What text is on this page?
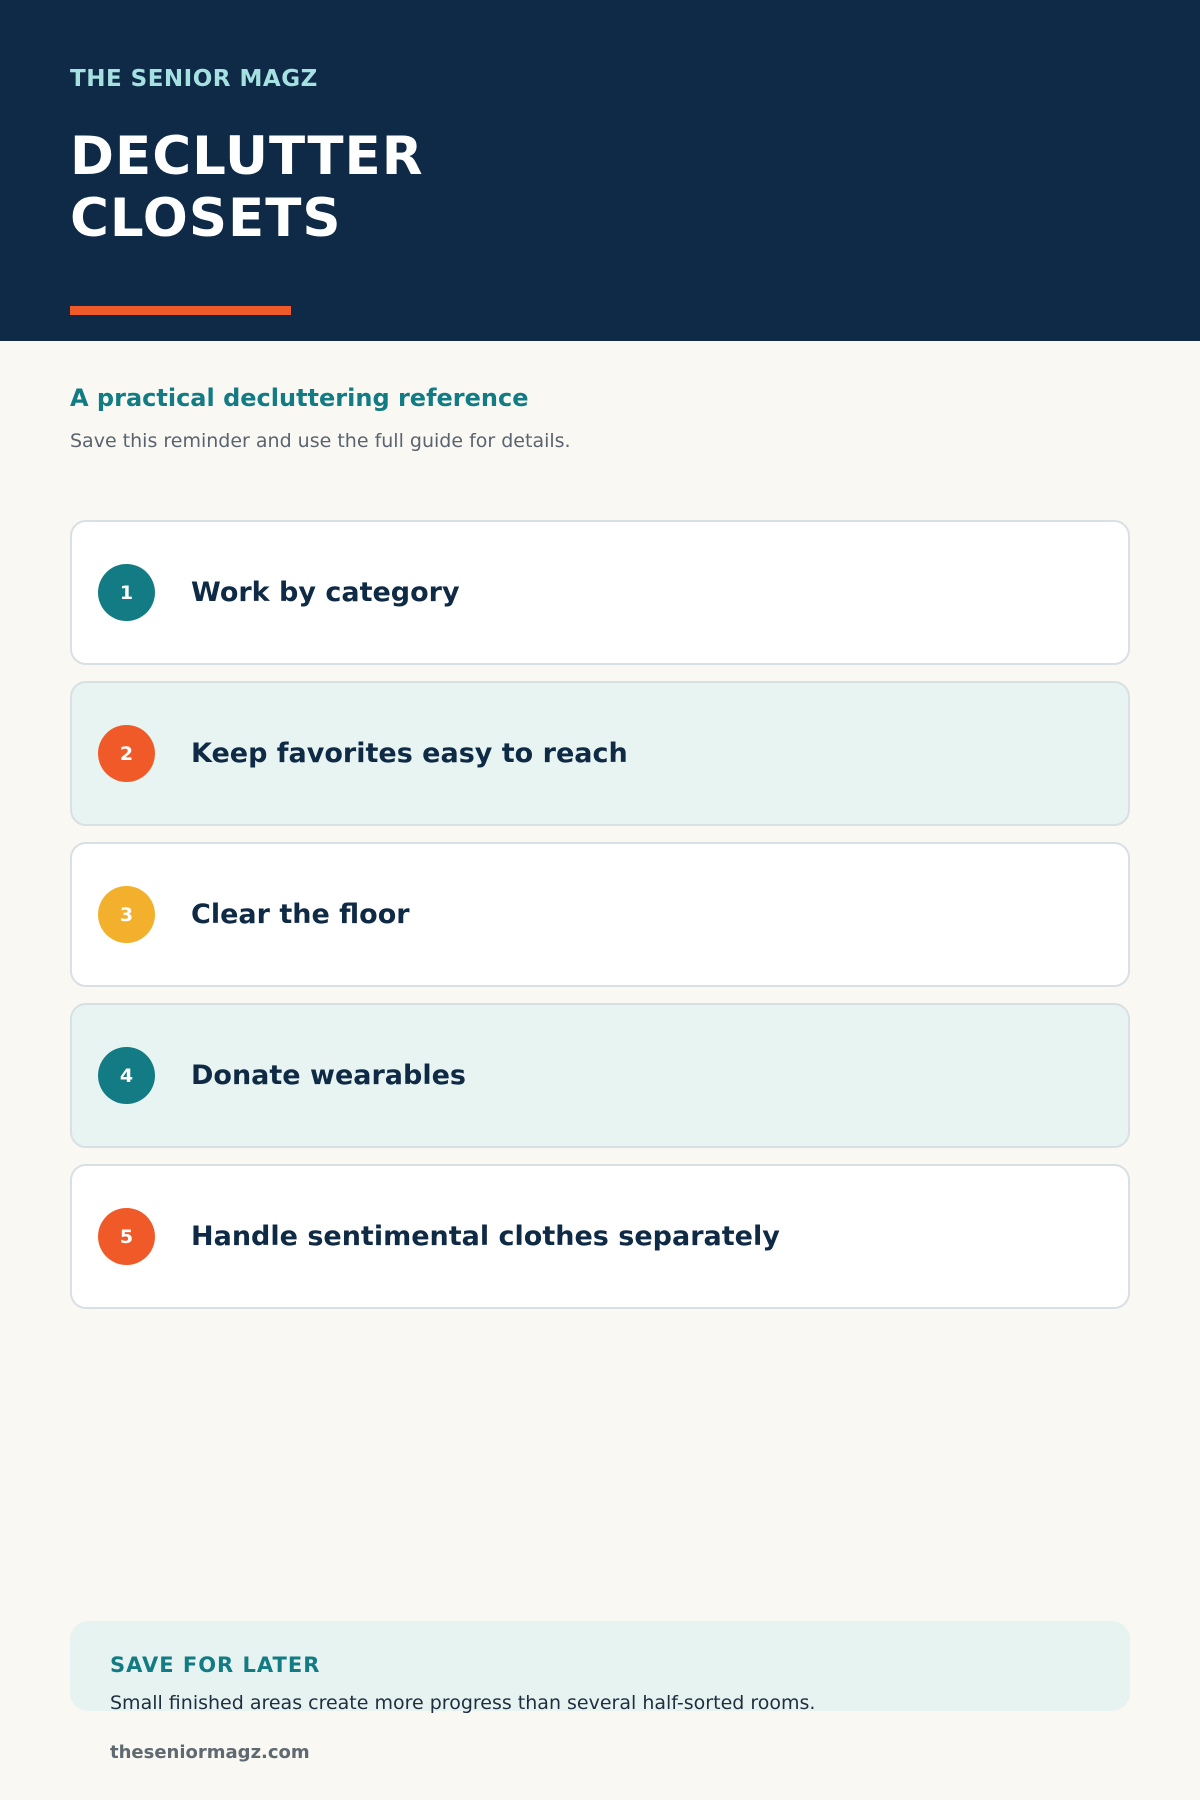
THE SENIOR MAGZ
DECLUTTER
CLOSETS
A practical decluttering reference
Save this reminder and use the full guide for details.
1	Work by category
2	Keep favorites easy to reach
3	Clear the floor
4	Donate wearables
5	Handle sentimental clothes separately
SAVE FOR LATER
Small finished areas create more progress than several half-sorted rooms.
theseniormagz.com
